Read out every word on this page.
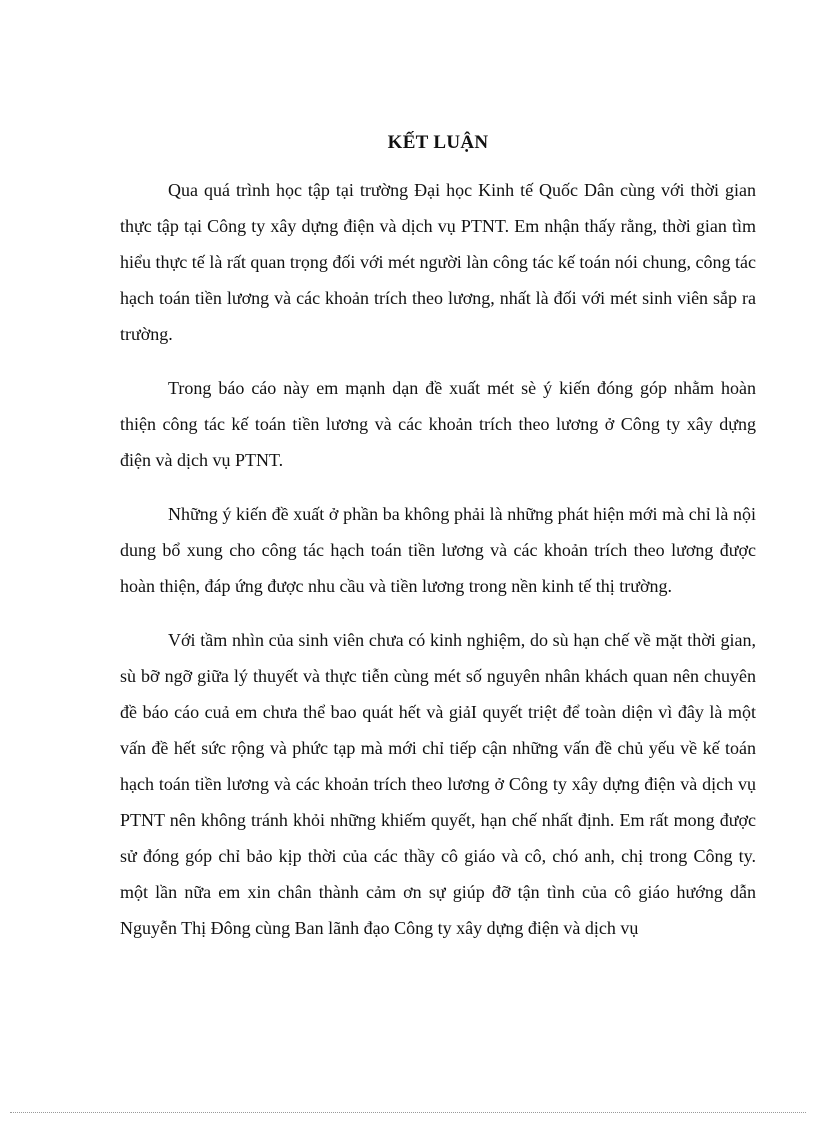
KẾT LUẬN

Qua quá trình học tập tại trường Đại học Kinh tế Quốc Dân cùng với thời gian thực tập tại Công ty xây dựng điện và dịch vụ PTNT. Em nhận thấy rằng, thời gian tìm hiểu thực tế là rất quan trọng đối với mét người làn công tác kế toán nói chung, công tác hạch toán tiền lương và các khoản trích theo lương, nhất là đối với mét sinh viên sắp ra trường.

Trong báo cáo này em mạnh dạn đề xuất mét sè ý kiến đóng góp nhằm hoàn thiện công tác kế toán tiền lương và các khoản trích theo lương ở Công ty xây dựng điện và dịch vụ PTNT.

Những ý kiến đề xuất ở phần ba không phải là những phát hiện mới mà chỉ là nội dung bổ xung cho công tác hạch toán tiền lương và các khoản trích theo lương được hoàn thiện, đáp ứng được nhu cầu và tiền lương trong nền kinh tế thị trường.

Với tầm nhìn của sinh viên chưa có kinh nghiệm, do sù hạn chế về mặt thời gian, sù bỡ ngỡ giữa lý thuyết và thực tiễn cùng mét số nguyên nhân khách quan nên chuyên đề báo cáo cuả em chưa thể bao quát hết và giảI quyết triệt để toàn diện vì đây là một vấn đề hết sức rộng và phức tạp mà mới chỉ tiếp cận những vấn đề chủ yếu về kế toán hạch toán tiền lương và các khoản trích theo lương ở Công ty xây dựng điện và dịch vụ PTNT nên không tránh khỏi những khiếm quyết, hạn chế nhất định. Em rất mong được sử đóng góp chỉ bảo kịp thời của các thầy cô giáo và cô, chó anh, chị trong Công ty. một lần nữa em xin chân thành cảm ơn sự giúp đỡ tận tình của cô giáo hướng dẫn Nguyễn Thị Đông cùng Ban lãnh đạo Công ty xây dựng điện và dịch vụ
